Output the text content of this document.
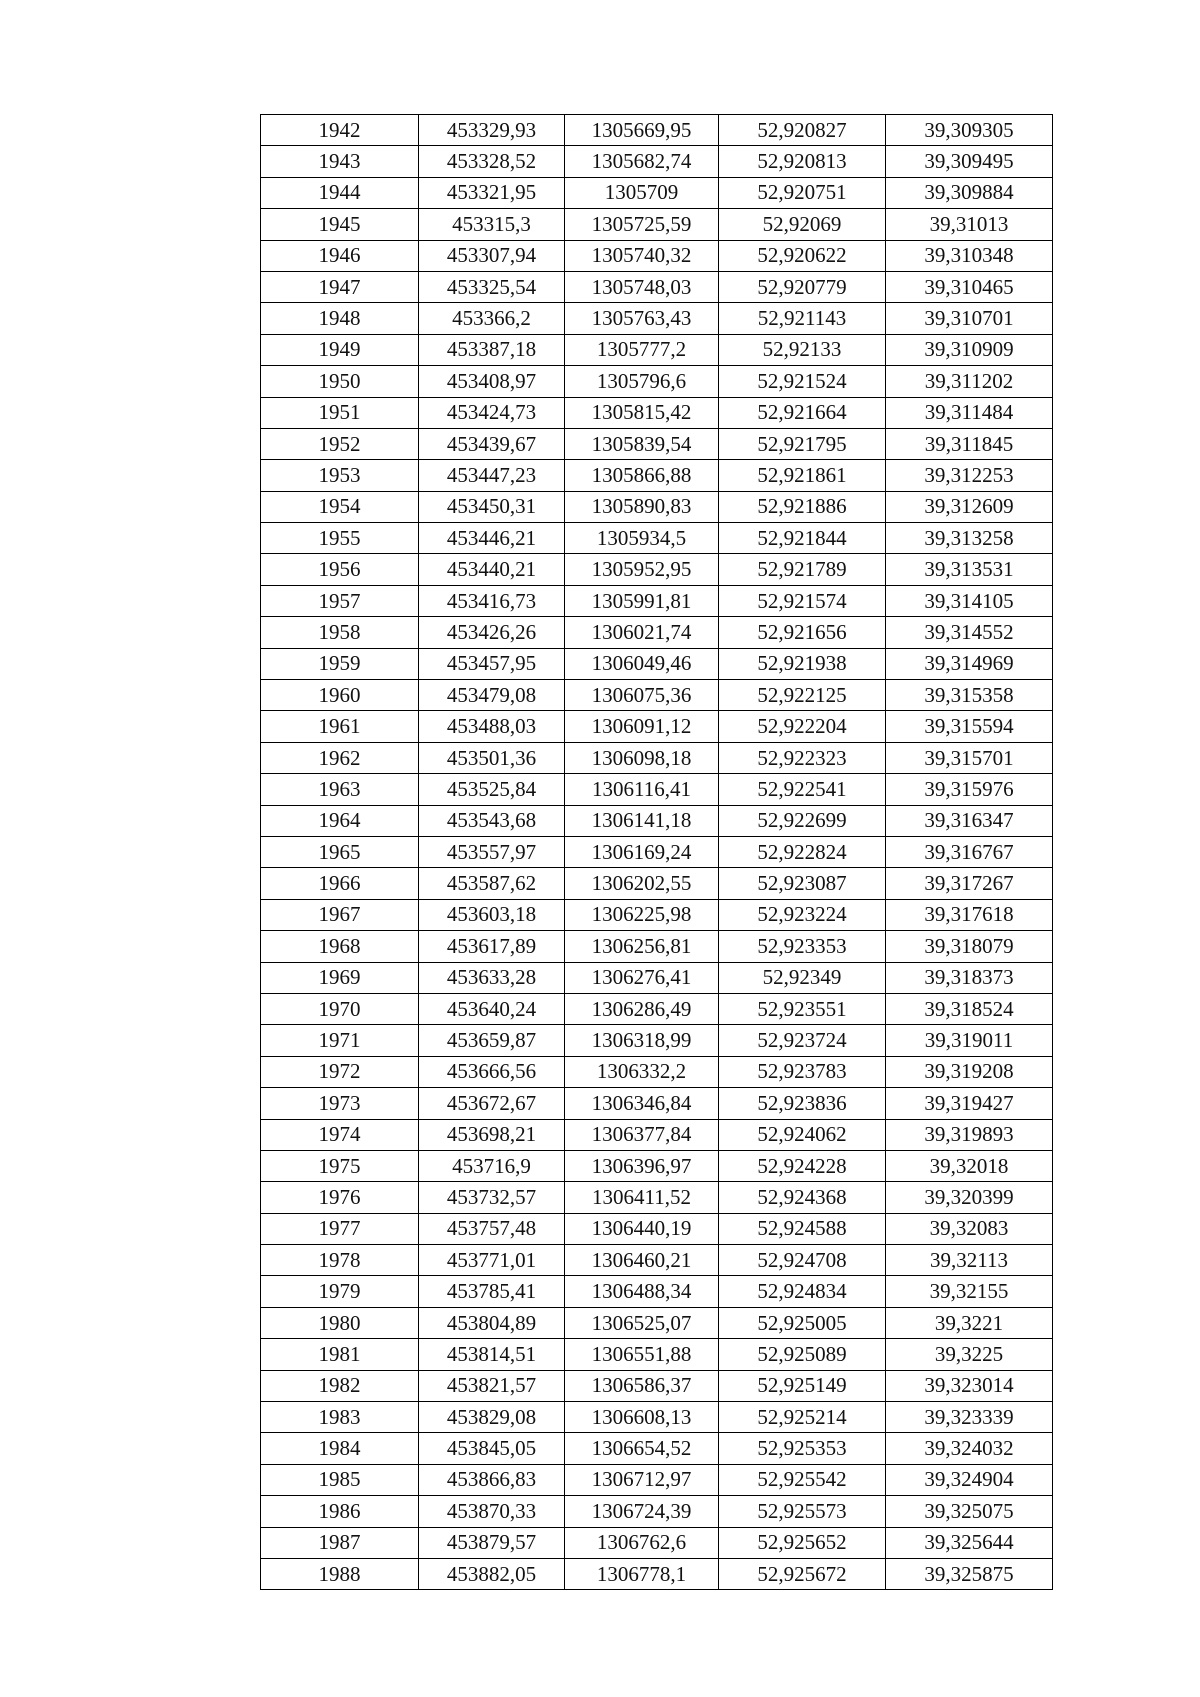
1942	453329,93	1305669,95	52,920827	39,309305
1943	453328,52	1305682,74	52,920813	39,309495
1944	453321,95	1305709	52,920751	39,309884
1945	453315,3	1305725,59	52,92069	39,31013
1946	453307,94	1305740,32	52,920622	39,310348
1947	453325,54	1305748,03	52,920779	39,310465
1948	453366,2	1305763,43	52,921143	39,310701
1949	453387,18	1305777,2	52,92133	39,310909
1950	453408,97	1305796,6	52,921524	39,311202
1951	453424,73	1305815,42	52,921664	39,311484
1952	453439,67	1305839,54	52,921795	39,311845
1953	453447,23	1305866,88	52,921861	39,312253
1954	453450,31	1305890,83	52,921886	39,312609
1955	453446,21	1305934,5	52,921844	39,313258
1956	453440,21	1305952,95	52,921789	39,313531
1957	453416,73	1305991,81	52,921574	39,314105
1958	453426,26	1306021,74	52,921656	39,314552
1959	453457,95	1306049,46	52,921938	39,314969
1960	453479,08	1306075,36	52,922125	39,315358
1961	453488,03	1306091,12	52,922204	39,315594
1962	453501,36	1306098,18	52,922323	39,315701
1963	453525,84	1306116,41	52,922541	39,315976
1964	453543,68	1306141,18	52,922699	39,316347
1965	453557,97	1306169,24	52,922824	39,316767
1966	453587,62	1306202,55	52,923087	39,317267
1967	453603,18	1306225,98	52,923224	39,317618
1968	453617,89	1306256,81	52,923353	39,318079
1969	453633,28	1306276,41	52,92349	39,318373
1970	453640,24	1306286,49	52,923551	39,318524
1971	453659,87	1306318,99	52,923724	39,319011
1972	453666,56	1306332,2	52,923783	39,319208
1973	453672,67	1306346,84	52,923836	39,319427
1974	453698,21	1306377,84	52,924062	39,319893
1975	453716,9	1306396,97	52,924228	39,32018
1976	453732,57	1306411,52	52,924368	39,320399
1977	453757,48	1306440,19	52,924588	39,32083
1978	453771,01	1306460,21	52,924708	39,32113
1979	453785,41	1306488,34	52,924834	39,32155
1980	453804,89	1306525,07	52,925005	39,3221
1981	453814,51	1306551,88	52,925089	39,3225
1982	453821,57	1306586,37	52,925149	39,323014
1983	453829,08	1306608,13	52,925214	39,323339
1984	453845,05	1306654,52	52,925353	39,324032
1985	453866,83	1306712,97	52,925542	39,324904
1986	453870,33	1306724,39	52,925573	39,325075
1987	453879,57	1306762,6	52,925652	39,325644
1988	453882,05	1306778,1	52,925672	39,325875
